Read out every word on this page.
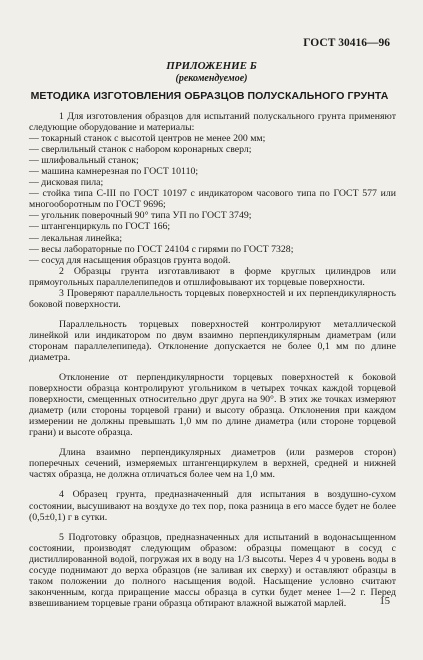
ГОСТ 30416—96
ПРИЛОЖЕНИЕ Б
(рекомендуемое)
МЕТОДИКА ИЗГОТОВЛЕНИЯ ОБРАЗЦОВ ПОЛУСКАЛЬНОГО ГРУНТА

1 Для изготовления образцов для испытаний полускального грунта применяют следующие оборудование и материалы:

— токарный станок с высотой центров не менее 200 мм;

— сверлильный станок с набором коронарных сверл;

— шлифовальный станок;

— машина камнерезная по ГОСТ 10110;

— дисковая пила;

— стойка типа С-III по ГОСТ 10197 с индикатором часового типа по ГОСТ 577 или многооборотным по ГОСТ 9696;

— угольник поверочный 90° типа УП по ГОСТ 3749;

— штангенциркуль по ГОСТ 166;

— лекальная линейка;

— весы лабораторные по ГОСТ 24104 с гирями по ГОСТ 7328;

— сосуд для насыщения образцов грунта водой.

2 Образцы грунта изготавливают в форме круглых цилиндров или прямоугольных параллелепипедов и отшлифовывают их торцевые поверхности.

3 Проверяют параллельность торцевых поверхностей и их перпендикулярность боковой поверхности.

Параллельность торцевых поверхностей контролируют металлической линейкой или индикатором по двум взаимно перпендикулярным диаметрам (или сторонам параллелепипеда). Отклонение допускается не более 0,1 мм по длине диаметра.

Отклонение от перпендикулярности торцевых поверхностей к боковой поверхности образца контролируют угольником в четырех точках каждой торцевой поверхности, смещенных относительно друг друга на 90°. В этих же точках измеряют диаметр (или стороны торцевой грани) и высоту образца. Отклонения при каждом измерении не должны превышать 1,0 мм по длине диаметра (или стороне торцевой грани) и высоте образца.

Длина взаимно перпендикулярных диаметров (или размеров сторон) поперечных сечений, измеряемых штангенциркулем в верхней, средней и нижней частях образца, не должна отличаться более чем на 1,0 мм.

4 Образец грунта, предназначенный для испытания в воздушно-сухом состоянии, высушивают на воздухе до тех пор, пока разница в его массе будет не более (0,5±0,1) г в сутки.

5 Подготовку образцов, предназначенных для испытаний в водонасыщенном состоянии, производят следующим образом: образцы помещают в сосуд с дистиллированной водой, погружая их в воду на 1/3 высоты. Через 4 ч уровень воды в сосуде поднимают до верха образцов (не заливая их сверху) и оставляют образцы в таком положении до полного насыщения водой. Насыщение условно считают законченным, когда приращение массы образца в сутки будет менее 1—2 г. Перед взвешиванием торцевые грани образца обтирают влажной выжатой марлей.	15
